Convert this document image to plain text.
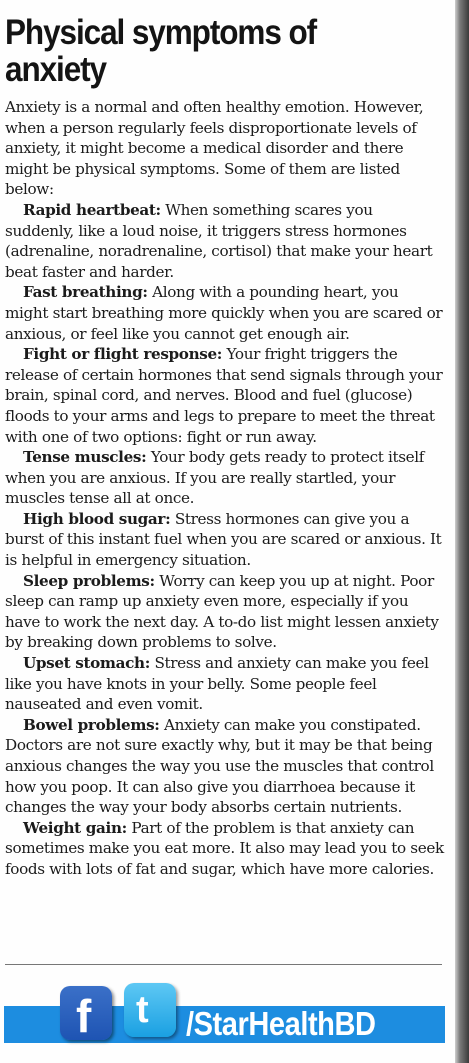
Physical symptoms of
anxiety

Anxiety is a normal and often healthy emotion. However, when a person regularly feels disproportionate levels of anxiety, it might become a medical disorder and there might be physical symptoms. Some of them are listed below:

Rapid heartbeat: When something scares you suddenly, like a loud noise, it triggers stress hormones (adrenaline, noradrenaline, cortisol) that make your heart beat faster and harder.

Fast breathing: Along with a pounding heart, you might start breathing more quickly when you are scared or anxious, or feel like you cannot get enough air.

Fight or flight response: Your fright triggers the release of certain hormones that send signals through your brain, spinal cord, and nerves. Blood and fuel (glucose) floods to your arms and legs to prepare to meet the threat with one of two options: fight or run away.

Tense muscles: Your body gets ready to protect itself when you are anxious. If you are really startled, your muscles tense all at once.

High blood sugar: Stress hormones can give you a burst of this instant fuel when you are scared or anxious. It is helpful in emergency situation.

Sleep problems: Worry can keep you up at night. Poor sleep can ramp up anxiety even more, especially if you have to work the next day. A to-do list might lessen anxiety by breaking down problems to solve.

Upset stomach: Stress and anxiety can make you feel like you have knots in your belly. Some people feel nauseated and even vomit.

Bowel problems: Anxiety can make you constipated. Doctors are not sure exactly why, but it may be that being anxious changes the way you use the muscles that control how you poop. It can also give you diarrhoea because it changes the way your body absorbs certain nutrients.

Weight gain: Part of the problem is that anxiety can sometimes make you eat more. It also may lead you to seek foods with lots of fat and sugar, which have more calories.

f t /StarHealthBD
